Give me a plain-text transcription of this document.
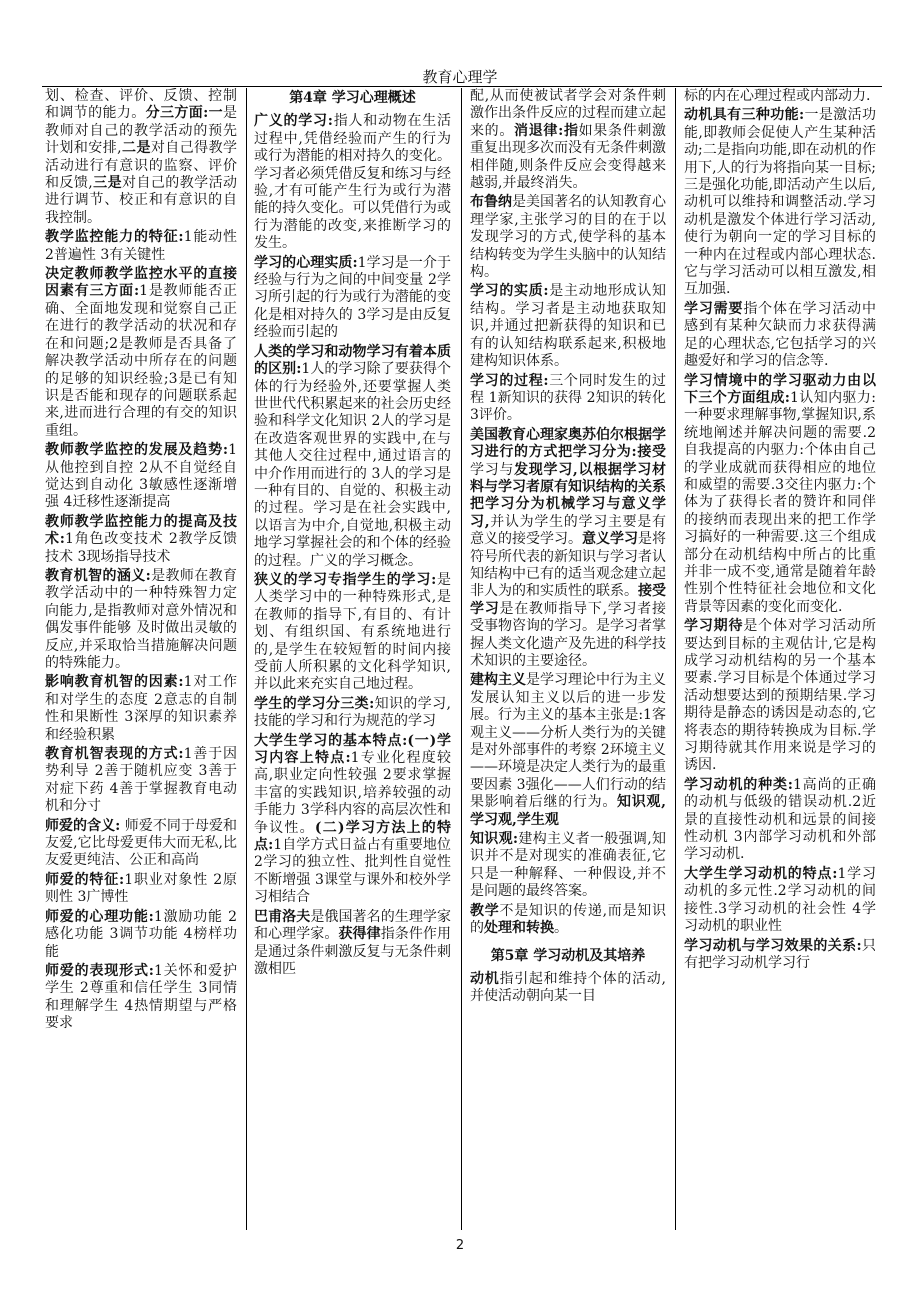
教育心理学

划、检查、评价、反馈、控制和调节的能力。分三方面:一是教师对自己的教学活动的预先计划和安排,二是对自己得教学活动进行有意识的监察、评价和反馈,三是对自己的教学活动进行调节、校正和有意识的自我控制。

教学监控能力的特征:1能动性 2普遍性 3有关键性

决定教师教学监控水平的直接因素有三方面:1是教师能否正确、全面地发现和觉察自己正在进行的教学活动的状况和存在和问题;2是教师是否具备了解决教学活动中所存在的问题的足够的知识经验;3是已有知识是否能和现存的问题联系起来,进而进行合理的有交的知识重组。

教师教学监控的发展及趋势:1从他控到自控 2从不自觉经自觉达到自动化 3敏感性逐渐增强 4迁移性逐渐提高

教师教学监控能力的提高及技术:1角色改变技术 2教学反馈技术 3现场指导技术

教育机智的涵义:是教师在教育教学活动中的一种特殊智力定向能力,是指教师对意外情况和偶发事件能够 及时做出灵敏的反应,并采取恰当措施解决问题的特殊能力。

影响教育机智的因素:1对工作和对学生的态度 2意志的自制性和果断性 3深厚的知识素养和经验积累

教育机智表现的方式:1善于因势利导 2善于随机应变 3善于对症下药 4善于掌握教育电动机和分寸

师爱的含义: 师爱不同于母爱和友爱,它比母爱更伟大而无私,比友爱更纯洁、公正和高尚

师爱的特征:1职业对象性 2原则性 3广博性

师爱的心理功能:1激励功能 2感化功能 3调节功能 4榜样功能

师爱的表现形式:1关怀和爱护学生 2尊重和信任学生 3同情和理解学生 4热情期望与严格要求

第4章 学习心理概述

广义的学习:指人和动物在生活过程中,凭借经验而产生的行为或行为潜能的相对持久的变化。学习者必须凭借反复和练习与经验,才有可能产生行为或行为潜能的持久变化。可以凭借行为或行为潜能的改变,来推断学习的发生。

学习的心理实质:1学习是一介于经验与行为之间的中间变量 2学习所引起的行为或行为潜能的变化是相对持久的 3学习是由反复经验而引起的

人类的学习和动物学习有着本质的区别:1人的学习除了要获得个体的行为经验外,还要掌握人类世世代代积累起来的社会历史经验和科学文化知识 2人的学习是在改造客观世界的实践中,在与其他人交往过程中,通过语言的中介作用而进行的 3人的学习是一种有目的、自觉的、积极主动的过程。学习是在社会实践中,以语言为中介,自觉地,积极主动地学习掌握社会的和个体的经验的过程。广义的学习概念。

狭义的学习专指学生的学习:是人类学习中的一种特殊形式,是在教师的指导下,有目的、有计划、有组织国、有系统地进行的,是学生在较短暂的时间内接受前人所积累的文化科学知识,并以此来充实自己地过程。

学生的学习分三类:知识的学习,技能的学习和行为规范的学习

大学生学习的基本特点:(一)学习内容上特点:1专业化程度较高,职业定向性较强 2要求掌握丰富的实践知识,培养较强的动手能力 3学科内容的高层次性和争议性。(二)学习方法上的特点:1自学方式日益占有重要地位 2学习的独立性、批判性自觉性不断增强 3课堂与课外和校外学习相结合

巴甫洛夫是俄国著名的生理学家和心理学家。获得律指条件作用是通过条件刺激反复与无条件刺激相匹

配,从而使被试者学会对条件刺激作出条件反应的过程而建立起来的。消退律:指如果条件刺激重复出现多次而没有无条件刺激相伴随,则条件反应会变得越来越弱,并最终消失。

布鲁纳是美国著名的认知教育心理学家,主张学习的目的在于以发现学习的方式,使学科的基本结构转变为学生头脑中的认知结构。

学习的实质:是主动地形成认知结构。学习者是主动地获取知识,并通过把新获得的知识和已有的认知结构联系起来,积极地建构知识体系。

学习的过程:三个同时发生的过程 1新知识的获得 2知识的转化 3评价。

美国教育心理家奥苏伯尔根据学习进行的方式把学习分为:接受学习与发现学习,以根据学习材料与学习者原有知识结构的关系把学习分为机械学习与意义学习,并认为学生的学习主要是有意义的接受学习。意义学习是将符号所代表的新知识与学习者认知结构中已有的适当观念建立起非人为的和实质性的联系。接受学习是在教师指导下,学习者接受事物咨询的学习。是学习者掌握人类文化遗产及先进的科学技术知识的主要途径。

建构主义是学习理论中行为主义发展认知主义以后的进一步发展。行为主义的基本主张是:1客观主义——分析人类行为的关键是对外部事件的考察 2环境主义——环境是决定人类行为的最重要因素 3强化——人们行动的结果影响着后继的行为。知识观,学习观,学生观

知识观:建构主义者一般强调,知识并不是对现实的准确表征,它只是一种解释、一种假设,并不是问题的最终答案。

教学不是知识的传递,而是知识的处理和转换。

第5章 学习动机及其培养

动机指引起和维持个体的活动,并使活动朝向某一目

标的内在心理过程或内部动力.

动机具有三种功能:一是激活功能,即教师会促使人产生某种活动;二是指向功能,即在动机的作用下,人的行为将指向某一目标;三是强化功能,即活动产生以后,动机可以维持和调整活动.学习动机是激发个体进行学习活动,使行为朝向一定的学习目标的一种内在过程或内部心理状态.它与学习活动可以相互激发,相互加强.

学习需要指个体在学习活动中感到有某种欠缺而力求获得满足的心理状态,它包括学习的兴趣爱好和学习的信念等.

学习情境中的学习驱动力由以下三个方面组成:1认知内驱力:一种要求理解事物,掌握知识,系统地阐述并解决问题的需要.2自我提高的内驱力:个体由自己的学业成就而获得相应的地位和威望的需要.3交往内驱力:个体为了获得长者的赞许和同伴的接纳而表现出来的把工作学习搞好的一种需要.这三个组成部分在动机结构中所占的比重并非一成不变,通常是随着年龄性别个性特征社会地位和文化背景等因素的变化而变化.

学习期待是个体对学习活动所要达到目标的主观估计,它是构成学习动机结构的另一个基本要素.学习目标是个体通过学习活动想要达到的预期结果.学习期待是静态的诱因是动态的,它将表态的期待转换成为目标.学习期待就其作用来说是学习的诱因.

学习动机的种类:1高尚的正确的动机与低级的错误动机.2近景的直接性动机和远景的间接性动机 3内部学习动机和外部学习动机.

大学生学习动机的特点:1学习动机的多元性.2学习动机的间接性.3学习动机的社会性 4学习动机的职业性

学习动机与学习效果的关系:只有把学习动机学习行

2
